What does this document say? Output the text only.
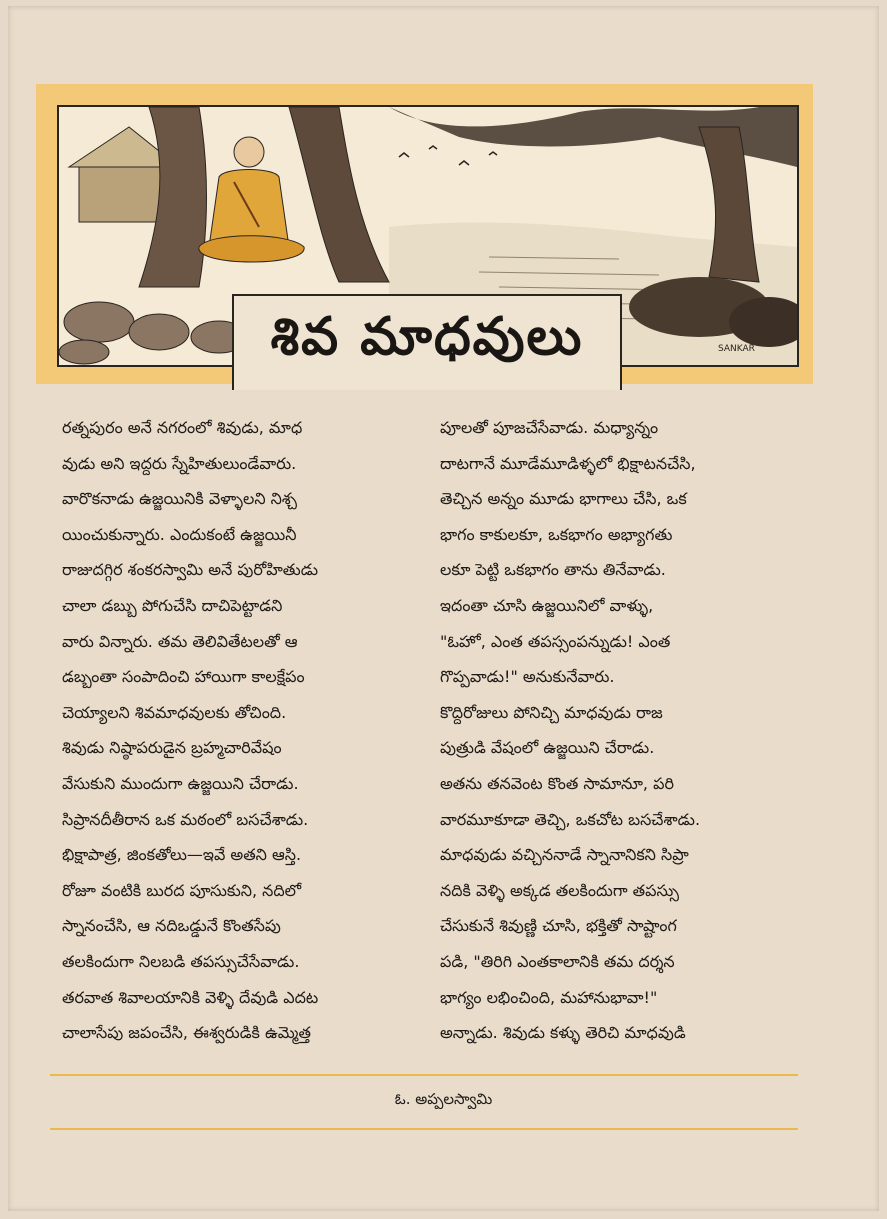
శివ మాధవులు	SANKAR
రత్నపురం అనే నగరంలో శివుడు, మాధ
వుడు అని ఇద్దరు స్నేహితులుండేవారు.
వారొకనాడు ఉజ్జయినికి వెళ్ళాలని నిశ్చ
యించుకున్నారు. ఎందుకంటే ఉజ్జయినీ
రాజుదగ్గిర శంకరస్వామి అనే పురోహితుడు
చాలా డబ్బు పోగుచేసి దాచిపెట్టాడని
వారు విన్నారు. తమ తెలివితేటలతో ఆ
డబ్బంతా సంపాదించి హాయిగా కాలక్షేపం
చెయ్యాలని శివమాధవులకు తోచింది.
శివుడు నిష్ఠాపరుడైన బ్రహ్మచారివేషం
వేసుకుని ముందుగా ఉజ్జయిని చేరాడు.
సిప్రానదీతీరాన ఒక మఠంలో బసచేశాడు.
భిక్షాపాత్ర, జింకతోలు—ఇవే అతని ఆస్తి.
రోజూ వంటికి బురద పూసుకుని, నదిలో
స్నానంచేసి, ఆ నదిఒడ్డునే కొంతసేపు
తలకిందుగా నిలబడి తపస్సుచేసేవాడు.
తరవాత శివాలయానికి వెళ్ళి దేవుడి ఎదట
చాలాసేపు జపంచేసి, ఈశ్వరుడికి ఉమ్మెత్త
పూలతో పూజచేసేవాడు. మధ్యాన్నం
దాటగానే మూడేమూడిళ్ళలో భిక్షాటనచేసి,
తెచ్చిన అన్నం మూడు భాగాలు చేసి, ఒక
భాగం కాకులకూ, ఒకభాగం అభ్యాగతు
లకూ పెట్టి ఒకభాగం తాను తినేవాడు.
ఇదంతా చూసి ఉజ్జయినిలో వాళ్ళు,
"ఓహో, ఎంత తపస్సంపన్నుడు! ఎంత
గొప్పవాడు!" అనుకునేవారు.
కొద్దిరోజులు పోనిచ్చి మాధవుడు రాజ
పుత్రుడి వేషంలో ఉజ్జయిని చేరాడు.
అతను తనవెంట కొంత సామానూ, పరి
వారమూకూడా తెచ్చి, ఒకచోట బసచేశాడు.
మాధవుడు వచ్చిననాడే స్నానానికని సిప్రా
నదికి వెళ్ళి అక్కడ తలకిందుగా తపస్సు
చేసుకునే శివుణ్ణి చూసి, భక్తితో సాష్టాంగ
పడి, "తిరిగి ఎంతకాలానికి తమ దర్శన
భాగ్యం లభించింది, మహానుభావా!"
అన్నాడు. శివుడు కళ్ళు తెరిచి మాధవుడి
ఓ. అప్పలస్వామి
